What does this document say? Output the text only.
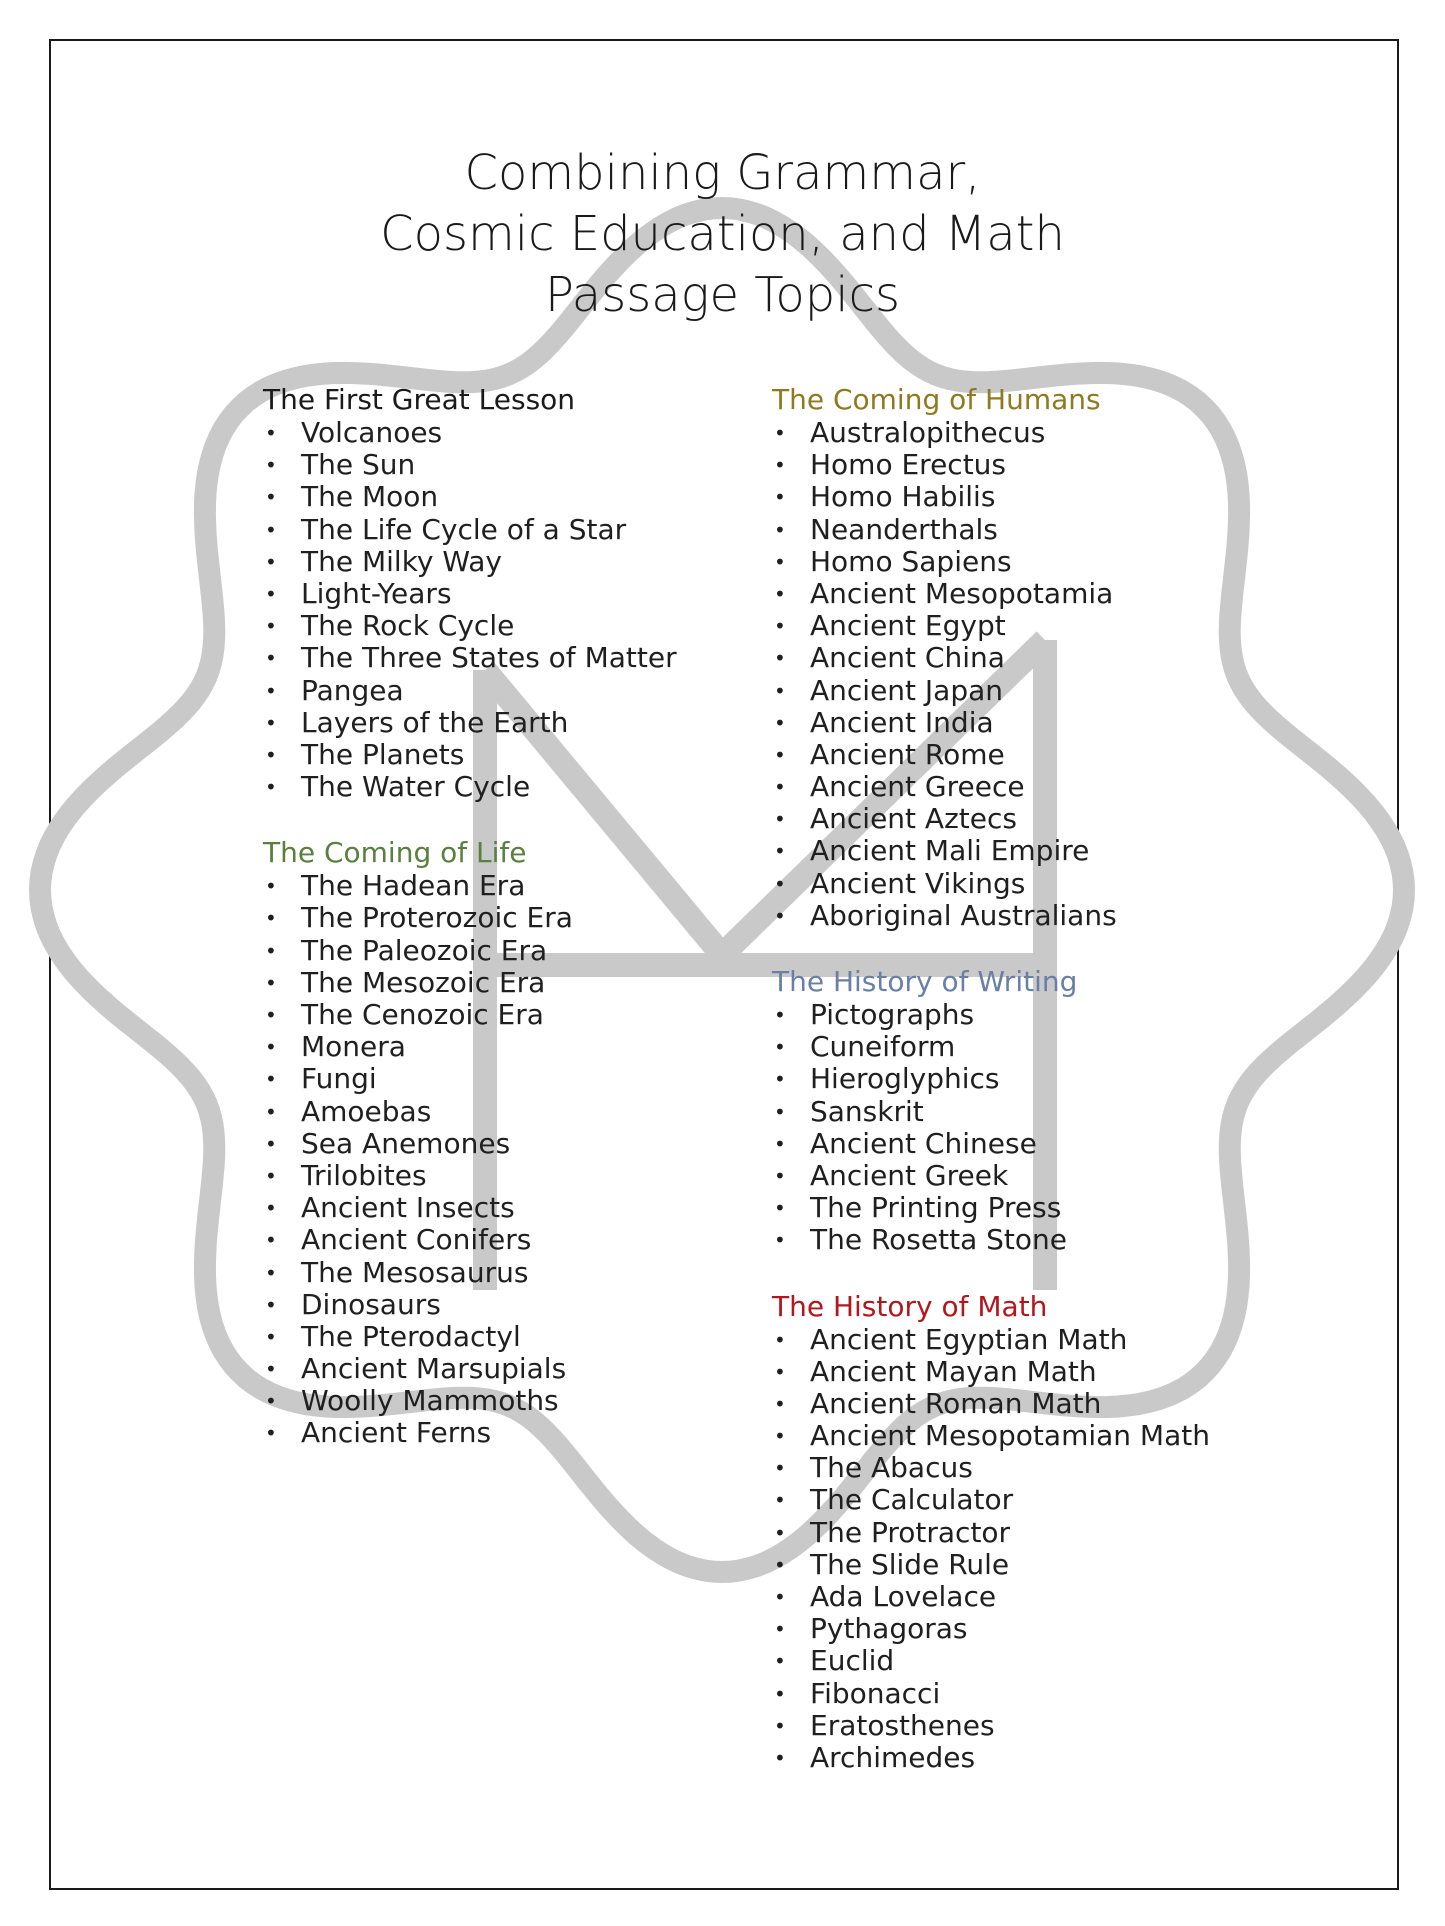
Combining Grammar,
Cosmic Education, and Math
Passage Topics
The First Great Lesson
• Volcanoes
• The Sun
• The Moon
• The Life Cycle of a Star
• The Milky Way
• Light-Years
• The Rock Cycle
• The Three States of Matter
• Pangea
• Layers of the Earth
• The Planets
• The Water Cycle
The Coming of Life
• The Hadean Era
• The Proterozoic Era
• The Paleozoic Era
• The Mesozoic Era
• The Cenozoic Era
• Monera
• Fungi
• Amoebas
• Sea Anemones
• Trilobites
• Ancient Insects
• Ancient Conifers
• The Mesosaurus
• Dinosaurs
• The Pterodactyl
• Ancient Marsupials
• Woolly Mammoths
• Ancient Ferns
The Coming of Humans
• Australopithecus
• Homo Erectus
• Homo Habilis
• Neanderthals
• Homo Sapiens
• Ancient Mesopotamia
• Ancient Egypt
• Ancient China
• Ancient Japan
• Ancient India
• Ancient Rome
• Ancient Greece
• Ancient Aztecs
• Ancient Mali Empire
• Ancient Vikings
• Aboriginal Australians
The History of Writing
• Pictographs
• Cuneiform
• Hieroglyphics
• Sanskrit
• Ancient Chinese
• Ancient Greek
• The Printing Press
• The Rosetta Stone
The History of Math
• Ancient Egyptian Math
• Ancient Mayan Math
• Ancient Roman Math
• Ancient Mesopotamian Math
• The Abacus
• The Calculator
• The Protractor
• The Slide Rule
• Ada Lovelace
• Pythagoras
• Euclid
• Fibonacci
• Eratosthenes
• Archimedes
